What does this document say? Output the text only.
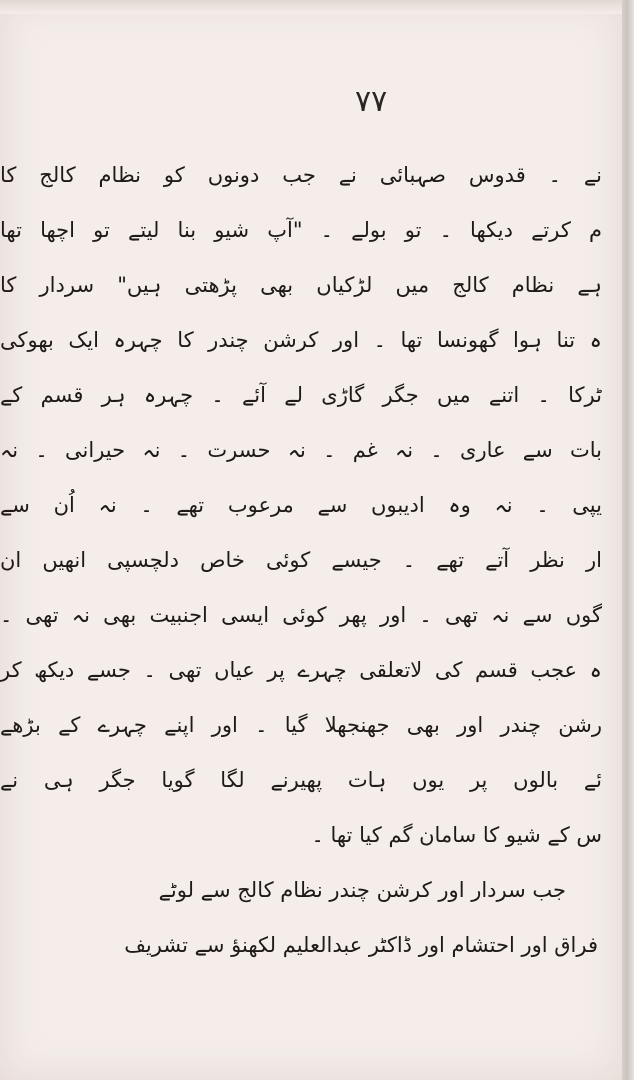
۷۷
نے ۔ قدوس صہبائی نے جب دونوں کو نظام کالج کا
م کرتے دیکھا ۔ تو بولے ۔ "آپ شیو بنا لیتے تو اچھا تھا
ہے نظام کالج میں لڑکیاں بھی پڑھتی ہیں" سردار کا
ہ تنا ہوا گھونسا تھا ۔ اور کرشن چندر کا چہرہ ایک بھوکی
ٹرکا ۔ اتنے میں جگر گاڑی لے آئے ۔ چہرہ ہر قسم کے
بات سے عاری ۔ نہ غم ۔ نہ حسرت ۔ نہ حیرانی ۔ نہ
یپی ۔ نہ وہ ادیبوں سے مرعوب تھے ۔ نہ اُن سے
ار نظر آتے تھے ۔ جیسے کوئی خاص دلچسپی انھیں ان
گوں سے نہ تھی ۔ اور پھر کوئی ایسی اجنبیت بھی نہ تھی ۔
ہ عجب قسم کی لاتعلقی چہرے پر عیاں تھی ۔ جسے دیکھ کر
رشن چندر اور بھی جھنجھلا گیا ۔ اور اپنے چہرے کے بڑھے
ئے بالوں پر یوں ہات پھیرنے لگا گویا جگر ہی نے
س کے شیو کا سامان گم کیا تھا ۔
جب سردار اور کرشن چندر نظام کالج سے لوٹے
فراق اور احتشام اور ڈاکٹر عبدالعلیم لکھنؤ سے تشریف
